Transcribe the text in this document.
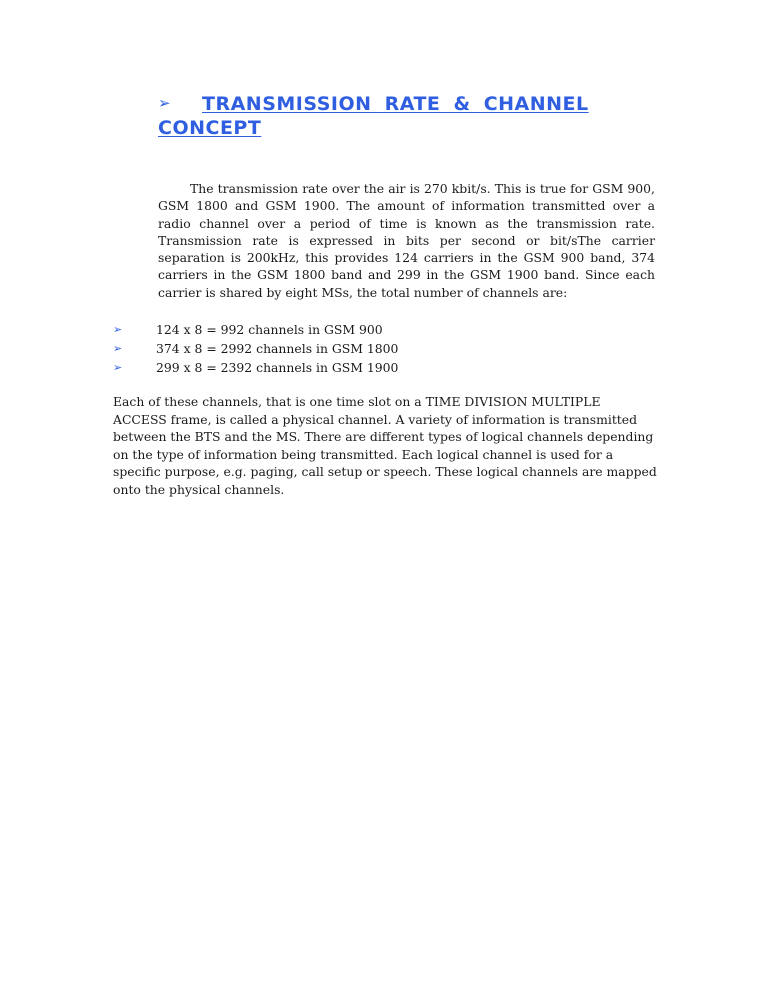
➢ TRANSMISSION RATE & CHANNEL CONCEPT

The transmission rate over the air is 270 kbit/s. This is true for GSM 900, GSM 1800 and GSM 1900. The amount of information transmitted over a radio channel over a period of time is known as the transmission rate. Transmission rate is expressed in bits per second or bit/sThe carrier separation is 200kHz, this provides 124 carriers in the GSM 900 band, 374 carriers in the GSM 1800 band and 299 in the GSM 1900 band. Since each carrier is shared by eight MSs, the total number of channels are:

➢	124 x 8 = 992 channels in GSM 900
➢	374 x 8 = 2992 channels in GSM 1800
➢	299 x 8 = 2392 channels in GSM 1900

Each of these channels, that is one time slot on a TIME DIVISION MULTIPLE ACCESS frame, is called a physical channel. A variety of information is transmitted between the BTS and the MS. There are different types of logical channels depending on the type of information being transmitted. Each logical channel is used for a specific purpose, e.g. paging, call setup or speech. These logical channels are mapped onto the physical channels.
